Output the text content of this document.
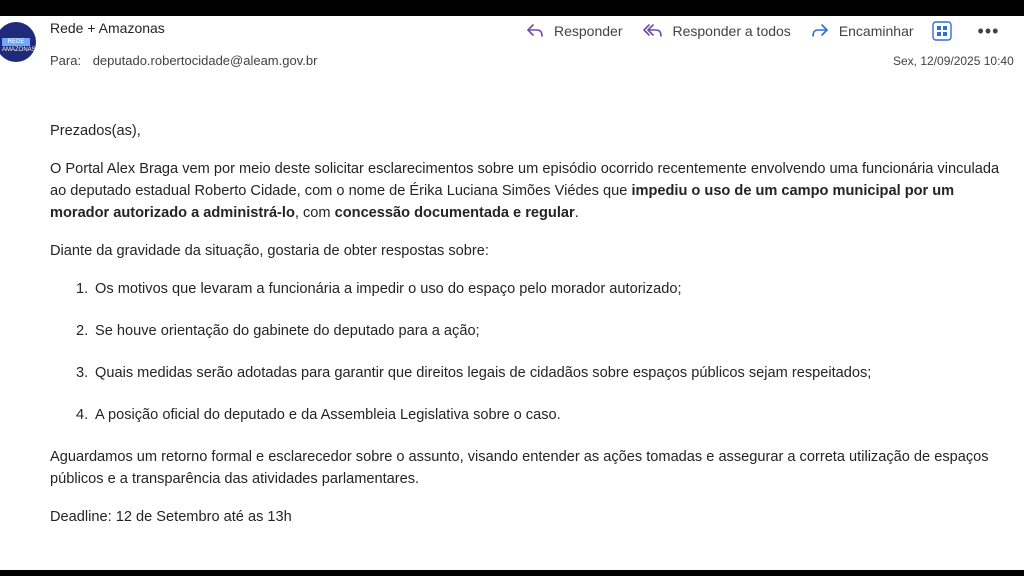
REDE AMAZONAS
Rede + Amazonas
Para: deputado.robertocidade@aleam.gov.br
Responder	Responder a todos	Encaminhar	•••
Sex, 12/09/2025 10:40

Prezados(as),

O Portal Alex Braga vem por meio deste solicitar esclarecimentos sobre um episódio ocorrido recentemente envolvendo uma funcionária vinculada ao deputado estadual Roberto Cidade, com o nome de Érika Luciana Simões Viédes que impediu o uso de um campo municipal por um morador autorizado a administrá-lo, com concessão documentada e regular.

Diante da gravidade da situação, gostaria de obter respostas sobre:

1. Os motivos que levaram a funcionária a impedir o uso do espaço pelo morador autorizado;
2. Se houve orientação do gabinete do deputado para a ação;
3. Quais medidas serão adotadas para garantir que direitos legais de cidadãos sobre espaços públicos sejam respeitados;
4. A posição oficial do deputado e da Assembleia Legislativa sobre o caso.

Aguardamos um retorno formal e esclarecedor sobre o assunto, visando entender as ações tomadas e assegurar a correta utilização de espaços públicos e a transparência das atividades parlamentares.

Deadline: 12 de Setembro até as 13h
